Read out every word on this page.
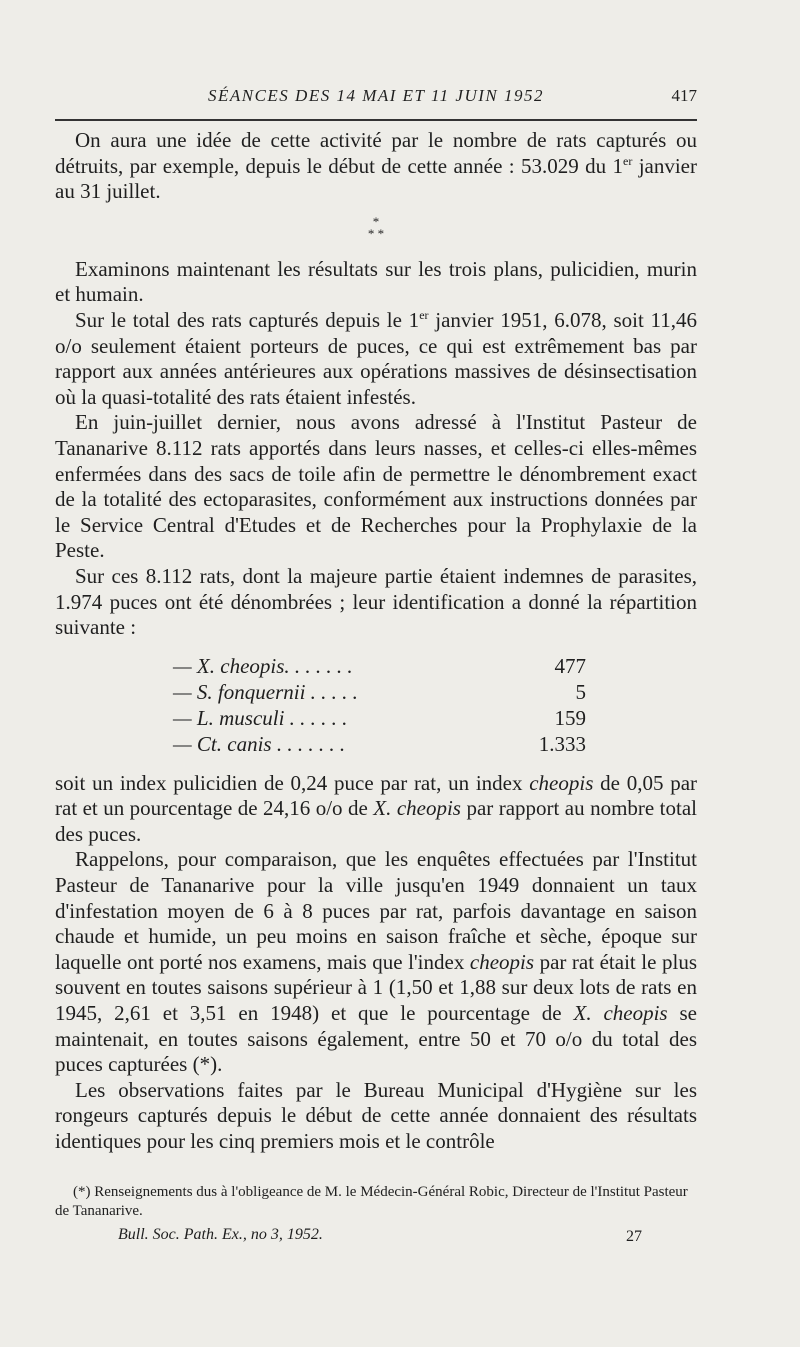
SÉANCES DES 14 MAI ET 11 JUIN 1952	417

On aura une idée de cette activité par le nombre de rats capturés ou détruits, par exemple, depuis le début de cette année : 53.029 du 1er janvier au 31 juillet.

*
* *

Examinons maintenant les résultats sur les trois plans, pulicidien, murin et humain.

Sur le total des rats capturés depuis le 1er janvier 1951, 6.078, soit 11,46 o/o seulement étaient porteurs de puces, ce qui est extrêmement bas par rapport aux années antérieures aux opérations massives de désinsectisation où la quasi-totalité des rats étaient infestés.

En juin-juillet dernier, nous avons adressé à l'Institut Pasteur de Tananarive 8.112 rats apportés dans leurs nasses, et celles-ci elles-mêmes enfermées dans des sacs de toile afin de permettre le dénombrement exact de la totalité des ectoparasites, conformément aux instructions données par le Service Central d'Etudes et de Recherches pour la Prophylaxie de la Peste.

Sur ces 8.112 rats, dont la majeure partie étaient indemnes de parasites, 1.974 puces ont été dénombrées ; leur identification a donné la répartition suivante :

— X. cheopis. . . . . . .	477
— S. fonquernii . . . . .	5
— L. musculi . . . . . .	159
— Ct. canis . . . . . . .	1.333

soit un index pulicidien de 0,24 puce par rat, un index cheopis de 0,05 par rat et un pourcentage de 24,16 o/o de X. cheopis par rapport au nombre total des puces.

Rappelons, pour comparaison, que les enquêtes effectuées par l'Institut Pasteur de Tananarive pour la ville jusqu'en 1949 donnaient un taux d'infestation moyen de 6 à 8 puces par rat, parfois davantage en saison chaude et humide, un peu moins en saison fraîche et sèche, époque sur laquelle ont porté nos examens, mais que l'index cheopis par rat était le plus souvent en toutes saisons supérieur à 1 (1,50 et 1,88 sur deux lots de rats en 1945, 2,61 et 3,51 en 1948) et que le pourcentage de X. cheopis se maintenait, en toutes saisons également, entre 50 et 70 o/o du total des puces capturées (*).

Les observations faites par le Bureau Municipal d'Hygiène sur les rongeurs capturés depuis le début de cette année donnaient des résultats identiques pour les cinq premiers mois et le contrôle

(*) Renseignements dus à l'obligeance de M. le Médecin-Général Robic, Directeur de l'Institut Pasteur de Tananarive.

Bull. Soc. Path. Ex., no 3, 1952.	27
